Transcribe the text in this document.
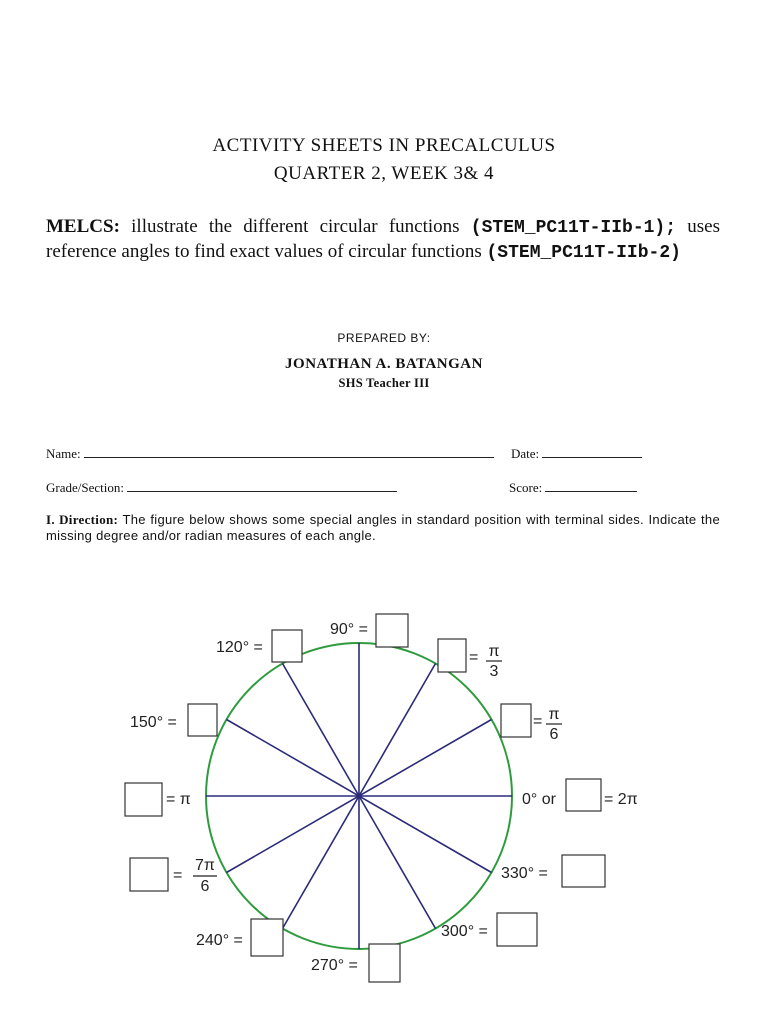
ACTIVITY SHEETS IN PRECALCULUS
QUARTER 2, WEEK 3& 4
MELCS: illustrate the different circular functions (STEM_PC11T-IIb-1); uses reference angles to find exact values of circular functions (STEM_PC11T-IIb-2)
PREPARED BY:
JONATHAN A. BATANGAN
SHS Teacher III
Name:	Date:
Grade/Section:	Score:
I. Direction: The figure below shows some special angles in standard position with terminal sides. Indicate the missing degree and/or radian measures of each angle.
90° =
120° =
= π
3
= π
6
150° =
= π	0° or	= 2π
=
7π
6
330° =
240° =
300° =
270° =
